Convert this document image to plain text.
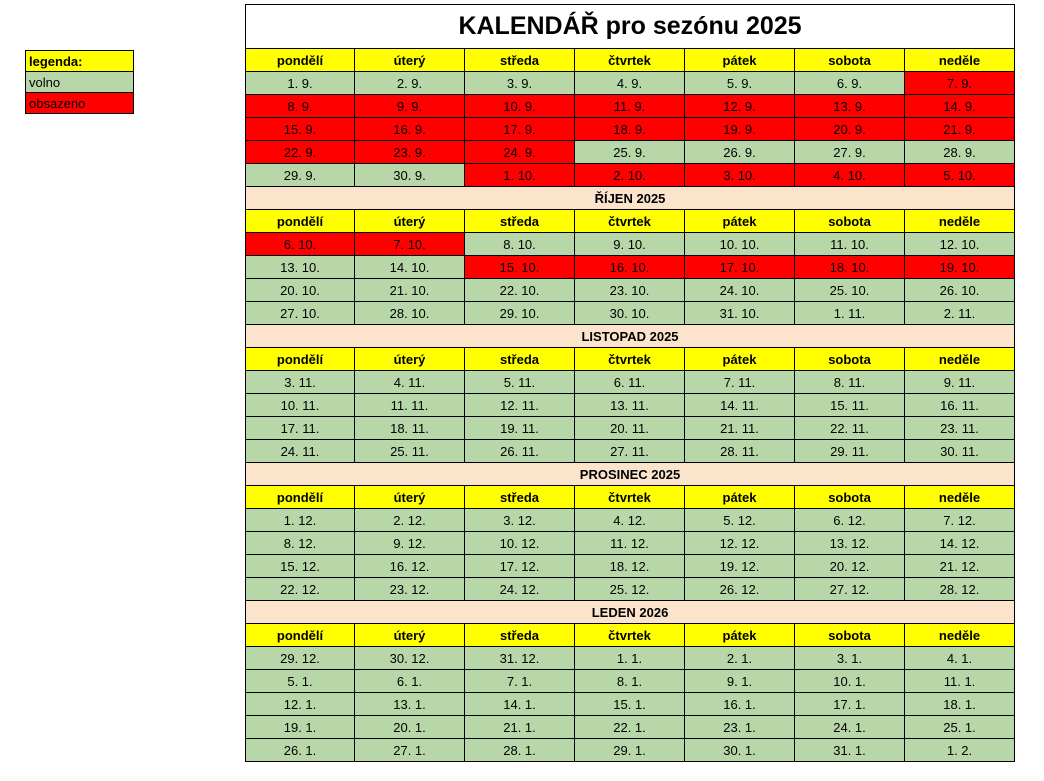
legenda:
volno
obsazeno
KALENDÁŘ pro sezónu 2025
pondělí	úterý	středa	čtvrtek	pátek	sobota	neděle
1. 9.	2. 9.	3. 9.	4. 9.	5. 9.	6. 9.	7. 9.
8. 9.	9. 9.	10. 9.	11. 9.	12. 9.	13. 9.	14. 9.
15. 9.	16. 9.	17. 9.	18. 9.	19. 9.	20. 9.	21. 9.
22. 9.	23. 9.	24. 9.	25. 9.	26. 9.	27. 9.	28. 9.
29. 9.	30. 9.	1. 10.	2. 10.	3. 10.	4. 10.	5. 10.
ŘÍJEN 2025
pondělí	úterý	středa	čtvrtek	pátek	sobota	neděle
6. 10.	7. 10.	8. 10.	9. 10.	10. 10.	11. 10.	12. 10.
13. 10.	14. 10.	15. 10.	16. 10.	17. 10.	18. 10.	19. 10.
20. 10.	21. 10.	22. 10.	23. 10.	24. 10.	25. 10.	26. 10.
27. 10.	28. 10.	29. 10.	30. 10.	31. 10.	1. 11.	2. 11.
LISTOPAD 2025
pondělí	úterý	středa	čtvrtek	pátek	sobota	neděle
3. 11.	4. 11.	5. 11.	6. 11.	7. 11.	8. 11.	9. 11.
10. 11.	11. 11.	12. 11.	13. 11.	14. 11.	15. 11.	16. 11.
17. 11.	18. 11.	19. 11.	20. 11.	21. 11.	22. 11.	23. 11.
24. 11.	25. 11.	26. 11.	27. 11.	28. 11.	29. 11.	30. 11.
PROSINEC 2025
pondělí	úterý	středa	čtvrtek	pátek	sobota	neděle
1. 12.	2. 12.	3. 12.	4. 12.	5. 12.	6. 12.	7. 12.
8. 12.	9. 12.	10. 12.	11. 12.	12. 12.	13. 12.	14. 12.
15. 12.	16. 12.	17. 12.	18. 12.	19. 12.	20. 12.	21. 12.
22. 12.	23. 12.	24. 12.	25. 12.	26. 12.	27. 12.	28. 12.
LEDEN 2026
pondělí	úterý	středa	čtvrtek	pátek	sobota	neděle
29. 12.	30. 12.	31. 12.	1. 1.	2. 1.	3. 1.	4. 1.
5. 1.	6. 1.	7. 1.	8. 1.	9. 1.	10. 1.	11. 1.
12. 1.	13. 1.	14. 1.	15. 1.	16. 1.	17. 1.	18. 1.
19. 1.	20. 1.	21. 1.	22. 1.	23. 1.	24. 1.	25. 1.
26. 1.	27. 1.	28. 1.	29. 1.	30. 1.	31. 1.	1. 2.
